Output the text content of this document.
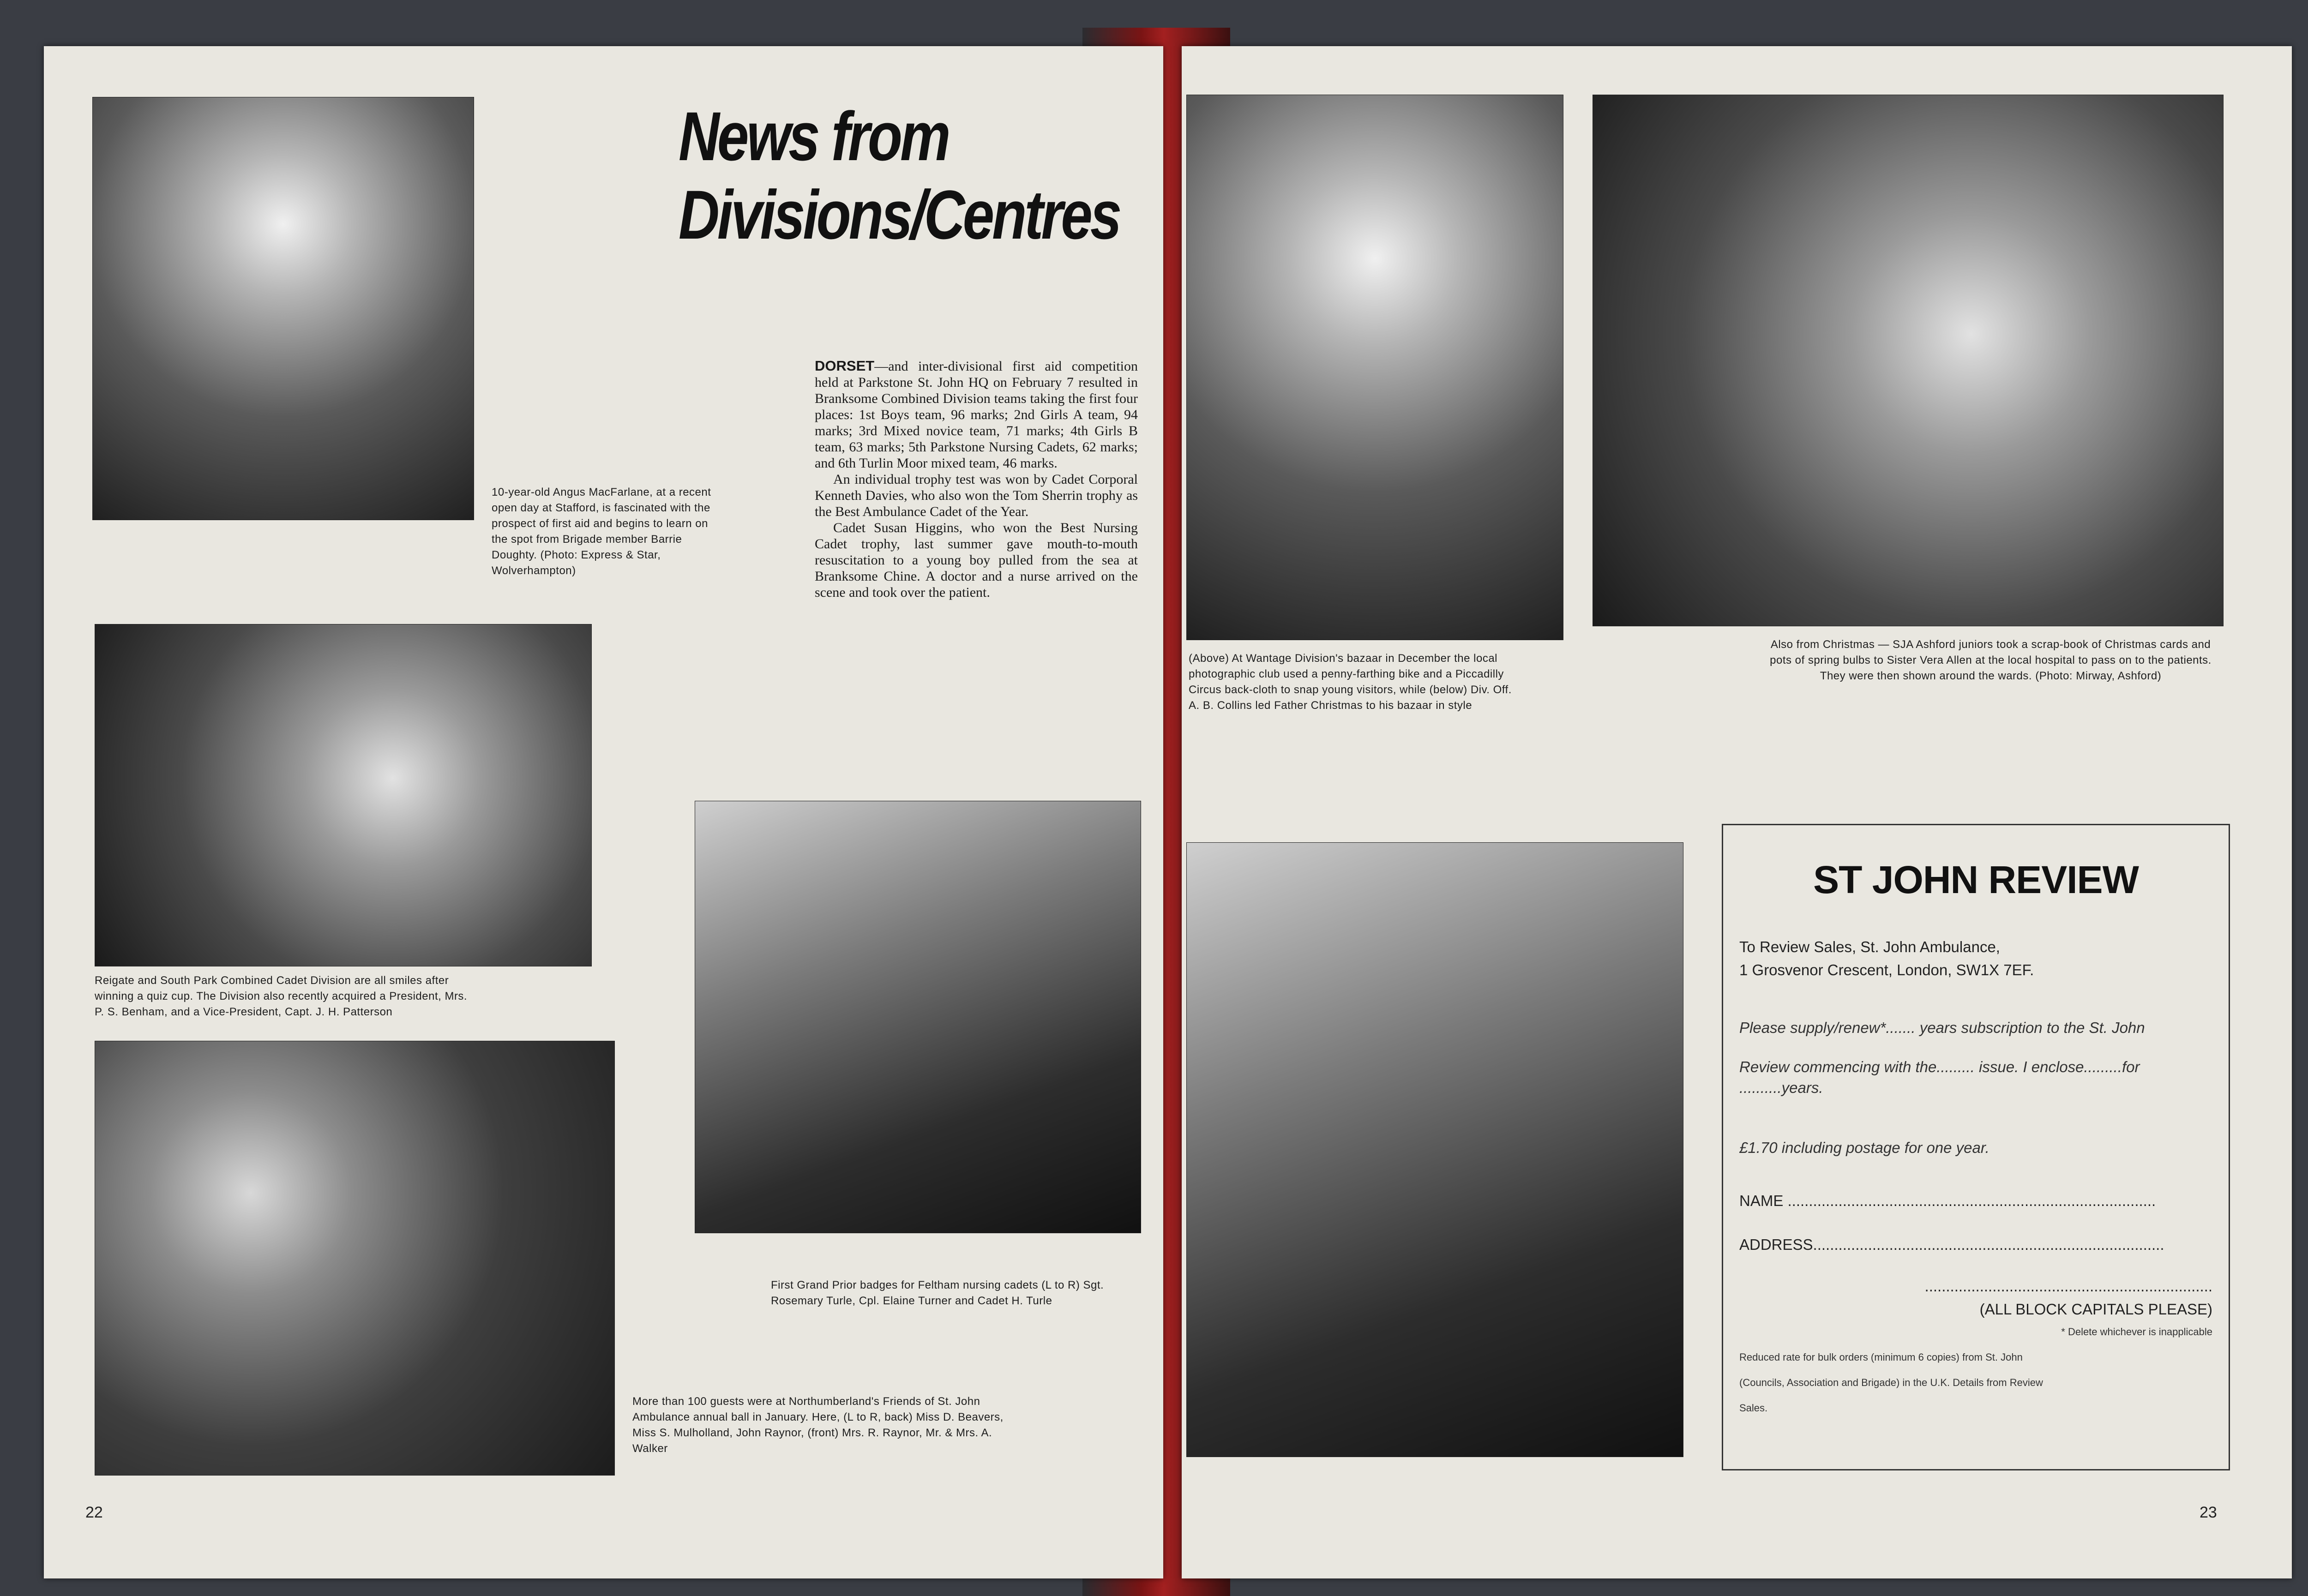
10-year-old Angus MacFarlane, at a recent open day at Stafford, is fascinated with the prospect of first aid and begins to learn on the spot from Brigade member Barrie Doughty. (Photo: Express & Star, Wolverhampton)
News from
Divisions/Centres

DORSET—and inter-divisional first aid competition held at Parkstone St. John HQ on February 7 resulted in Branksome Combined Division teams taking the first four places: 1st Boys team, 96 marks; 2nd Girls A team, 94 marks; 3rd Mixed novice team, 71 marks; 4th Girls B team, 63 marks; 5th Parkstone Nursing Cadets, 62 marks; and 6th Turlin Moor mixed team, 46 marks.

An individual trophy test was won by Cadet Corporal Kenneth Davies, who also won the Tom Sherrin trophy as the Best Ambulance Cadet of the Year.

Cadet Susan Higgins, who won the Best Nursing Cadet trophy, last summer gave mouth-to-mouth resuscitation to a young boy pulled from the sea at Branksome Chine. A doctor and a nurse arrived on the scene and took over the patient.

Reigate and South Park Combined Cadet Division are all smiles after winning a quiz cup. The Division also recently acquired a President, Mrs. P. S. Benham, and a Vice-President, Capt. J. H. Patterson
First Grand Prior badges for Feltham nursing cadets (L to R) Sgt. Rosemary Turle, Cpl. Elaine Turner and Cadet H. Turle
More than 100 guests were at Northumberland's Friends of St. John Ambulance annual ball in January. Here, (L to R, back) Miss D. Beavers, Miss S. Mulholland, John Raynor, (front) Mrs. R. Raynor, Mr. & Mrs. A. Walker
22
(Above) At Wantage Division's bazaar in December the local photographic club used a penny-farthing bike and a Piccadilly Circus back-cloth to snap young visitors, while (below) Div. Off. A. B. Collins led Father Christmas to his bazaar in style
Also from Christmas — SJA Ashford juniors took a scrap-book of Christmas cards and pots of spring bulbs to Sister Vera Allen at the local hospital to pass on to the patients. They were then shown around the wards. (Photo: Mirway, Ashford)
ST JOHN REVIEW
To Review Sales, St. John Ambulance,
1 Grosvenor Crescent, London, SW1X 7EF.
Please supply/renew*....... years subscription to the St. John
Review commencing with the......... issue. I enclose.........for
..........years.
£1.70 including postage for one year.
NAME .......................................................................................
ADDRESS...................................................................................
....................................................................
(ALL BLOCK CAPITALS PLEASE)
* Delete whichever is inapplicable
Reduced rate for bulk orders (minimum 6 copies) from St. John
(Councils, Association and Brigade) in the U.K. Details from Review
Sales.
23
